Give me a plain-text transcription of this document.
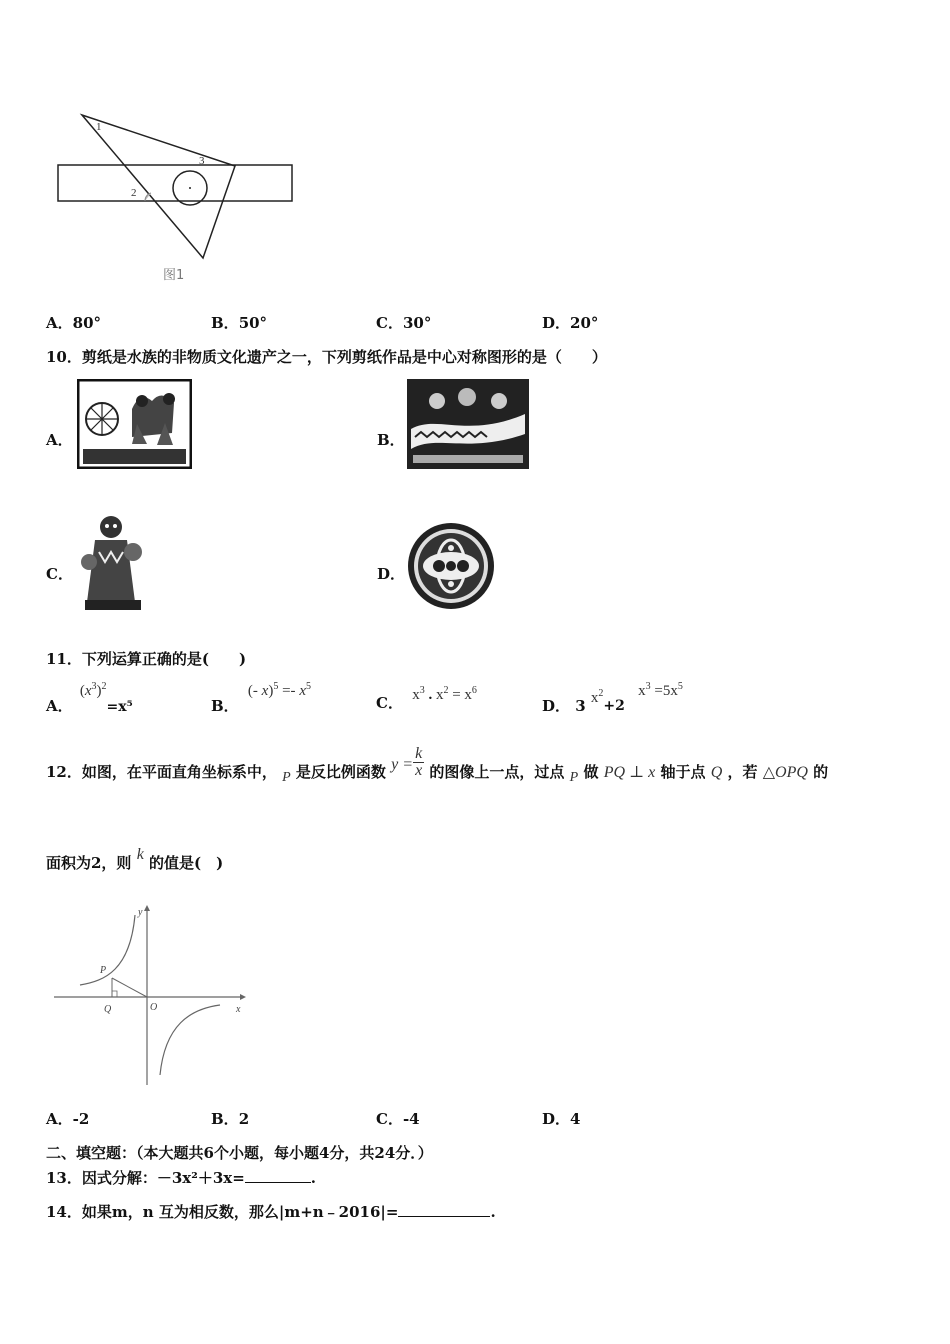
1
2
3
图1
A．80°	B．50°	C．30°	D．20°
10．剪纸是水族的非物质文化遗产之一，下列剪纸作品是中心对称图形的是（　　）
A．	B．
C．	D．
11．下列运算正确的是(　　)
A． $(x^3)^2=x^5$	B． (- $x)^5 =- x^5$
C． $x^3$ . $x^2 = x^6$
D． 3 $x^2+2$ $x^3 =5x^5$
12．如图，在平面直角坐标系中， P 是反比例函数 $y = \frac{k}{x}$ 的图像上一点，过点 P 做 PQ ⊥ x 轴于点 Q ，若 △OPQ 的
面积为2，则 k 的值是(　)
y
x
O
P
Q
A．-2	B．2	C．-4	D．4
二、填空题：（本大题共6个小题，每小题4分，共24分．）
13．因式分解：－3x²＋3x=	.
14．如果m，n 互为相反数，那么|m+n﹣2016|=	.
